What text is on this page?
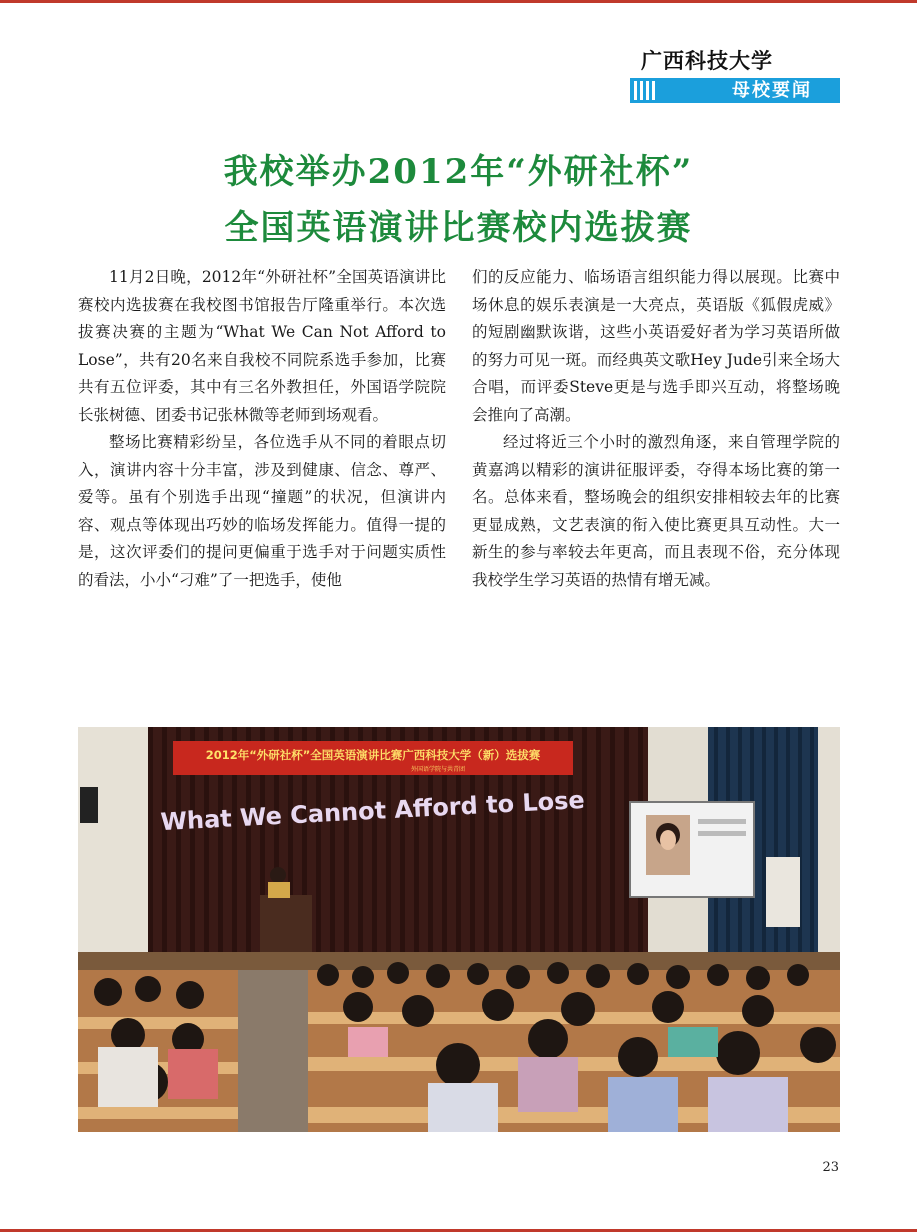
广西科技大学
母校要闻
我校举办2012年“外研社杯”
全国英语演讲比赛校内选拔赛

11月2日晚，2012年“外研社杯”全国英语演讲比赛校内选拔赛在我校图书馆报告厅隆重举行。本次选拔赛决赛的主题为“What We Can Not Afford to Lose”，共有20名来自我校不同院系选手参加，比赛共有五位评委，其中有三名外教担任，外国语学院院长张树德、团委书记张林微等老师到场观看。

整场比赛精彩纷呈，各位选手从不同的着眼点切入，演讲内容十分丰富，涉及到健康、信念、尊严、爱等。虽有个别选手出现“撞题”的状况，但演讲内容、观点等体现出巧妙的临场发挥能力。值得一提的是，这次评委们的提问更偏重于选手对于问题实质性的看法，小小“刁难”了一把选手，使他

们的反应能力、临场语言组织能力得以展现。比赛中场休息的娱乐表演是一大亮点，英语版《狐假虎威》的短剧幽默诙谐，这些小英语爱好者为学习英语所做的努力可见一斑。而经典英文歌Hey Jude引来全场大合唱，而评委Steve更是与选手即兴互动，将整场晚会推向了高潮。

经过将近三个小时的激烈角逐，来自管理学院的黄嘉鸿以精彩的演讲征服评委，夺得本场比赛的第一名。总体来看，整场晚会的组织安排相较去年的比赛更显成熟，文艺表演的衔入使比赛更具互动性。大一新生的参与率较去年更高，而且表现不俗，充分体现我校学生学习英语的热情有增无减。

2012年“外研社杯”全国英语演讲比赛广西科技大学（新）选拔赛
外国语学院与共青团
What We Cannot Afford to Lose
23
